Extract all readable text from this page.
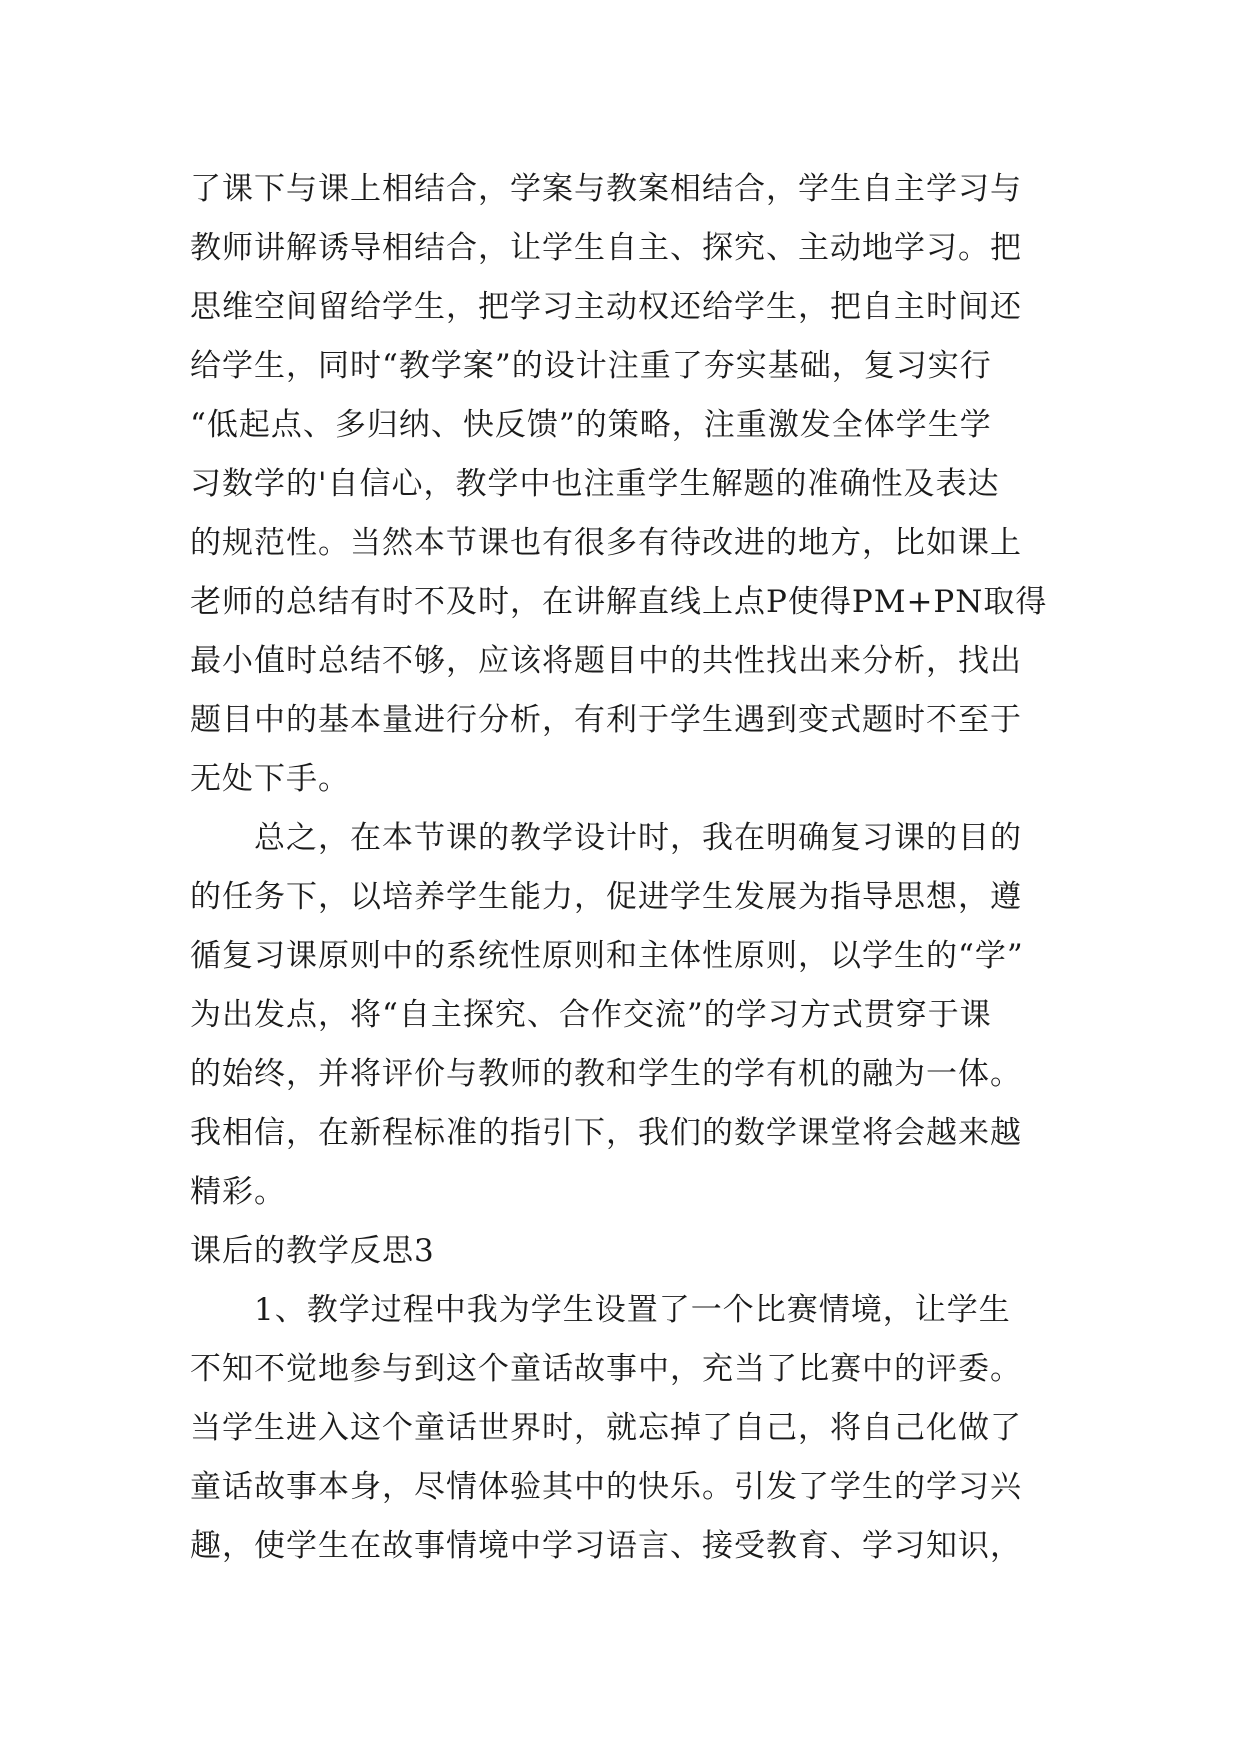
了课下与课上相结合，学案与教案相结合，学生自主学习与
教师讲解诱导相结合，让学生自主、探究、主动地学习。把
思维空间留给学生，把学习主动权还给学生，把自主时间还
给学生，同时“教学案”的设计注重了夯实基础，复习实行
“低起点、多归纳、快反馈”的策略，注重激发全体学生学
习数学的'自信心，教学中也注重学生解题的准确性及表达
的规范性。当然本节课也有很多有待改进的地方，比如课上
老师的总结有时不及时，在讲解直线上点P使得PM+PN取得
最小值时总结不够，应该将题目中的共性找出来分析，找出
题目中的基本量进行分析，有利于学生遇到变式题时不至于
无处下手。
总之，在本节课的教学设计时，我在明确复习课的目的
的任务下，以培养学生能力，促进学生发展为指导思想，遵
循复习课原则中的系统性原则和主体性原则，以学生的“学”
为出发点，将“自主探究、合作交流”的学习方式贯穿于课
的始终，并将评价与教师的教和学生的学有机的融为一体。
我相信，在新程标准的指引下，我们的数学课堂将会越来越
精彩。
课后的教学反思3
1、教学过程中我为学生设置了一个比赛情境，让学生
不知不觉地参与到这个童话故事中，充当了比赛中的评委。
当学生进入这个童话世界时，就忘掉了自己，将自己化做了
童话故事本身，尽情体验其中的快乐。引发了学生的学习兴
趣，使学生在故事情境中学习语言、接受教育、学习知识，
